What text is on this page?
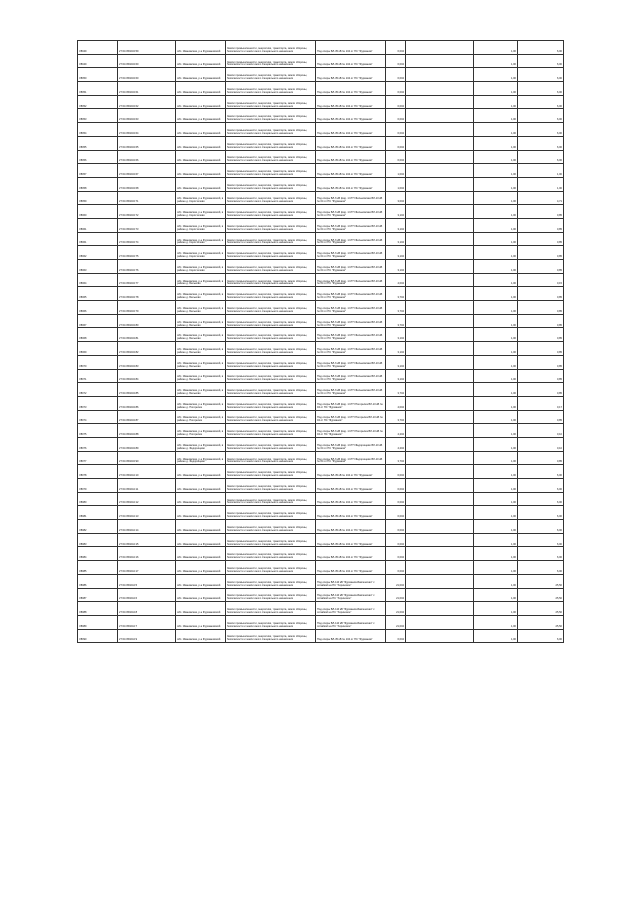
V8049	27:04:050243:59	обл. Ивановская, р-н Фурмановский	Земли промышленности, энергетики, транспорта, земли обороны, безопасности и земли иного специального назначения	Под опоры ВЛ-35 кВ № 104 от ПС "Фурманов"	6,004		1,00	6,00
V8049	27:04:050243:60	обл. Ивановская, р-н Фурмановский	Земли промышленности, энергетики, транспорта, земли обороны, безопасности и земли иного специального назначения	Под опоры ВЛ-35 кВ № 104 от ПС "Фурманов"	6,004		1,00	6,00
V8050	27:04:050243:60	обл. Ивановская, р-н Фурмановский	Земли промышленности, энергетики, транспорта, земли обороны, безопасности и земли иного специального назначения	Под опоры ВЛ-35 кВ № 104 от ПС "Фурманов"	6,004		1,00	6,00
V8051	27:04:050243:61	обл. Ивановская, р-н Фурмановский	Земли промышленности, энергетики, транспорта, земли обороны, безопасности и земли иного специального назначения	Под опоры ВЛ-35 кВ № 104 от ПС "Фурманов"	6,004		1,00	6,00
V8052	27:04:050243:62	обл. Ивановская, р-н Фурмановский	Земли промышленности, энергетики, транспорта, земли обороны, безопасности и земли иного специального назначения	Под опоры ВЛ-35 кВ № 104 от ПС "Фурманов"	6,004		1,00	6,00
V8053	27:04:050243:63	обл. Ивановская, р-н Фурмановский	Земли промышленности, энергетики, транспорта, земли обороны, безопасности и земли иного специального назначения	Под опоры ВЛ-35 кВ № 104 от ПС "Фурманов"	6,004		1,00	6,00
V8054	27:04:050243:64	обл. Ивановская, р-н Фурмановский	Земли промышленности, энергетики, транспорта, земли обороны, безопасности и земли иного специального назначения	Под опоры ВЛ-35 кВ № 104 от ПС "Фурманов"	6,004		1,00	6,00
V8055	27:04:050243:65	обл. Ивановская, р-н Фурмановский	Земли промышленности, энергетики, транспорта, земли обороны, безопасности и земли иного специального назначения	Под опоры ВЛ-35 кВ № 104 от ПС "Фурманов"	6,004		1,00	6,00
V8056	27:04:050243:66	обл. Ивановская, р-н Фурмановский	Земли промышленности, энергетики, транспорта, земли обороны, безопасности и земли иного специального назначения	Под опоры ВЛ-35 кВ № 104 от ПС "Фурманов"	6,004		1,00	6,00
V8057	27:04:050243:67	обл. Ивановская, р-н Фурмановский	Земли промышленности, энергетики, транспорта, земли обороны, безопасности и земли иного специального назначения	Под опоры ВЛ-35 кВ № 104 от ПС "Фурманов"	1,004		1,00	1,00
V8058	27:04:050243:68	обл. Ивановская, р-н Фурмановский	Земли промышленности, энергетики, транспорта, земли обороны, безопасности и земли иного специального назначения	Под опоры ВЛ-35 кВ № 104 от ПС "Фурманов"	1,004		1,00	1,00
V8059	27:04:050243:71	обл. Ивановская, р-н Фурмановский, в районе д. Коростелево	Земли промышленности, энергетики, транспорта, земли обороны, безопасности и земли иного специального назначения	Под опоры ВЛ-6 кВ фид. 1 КТП Фильковская ВЛ-10 кВ № 04 от ПС "Фурманов"	3,004		1,00	4,71
V8060	27:04:050243:72	обл. Ивановская, р-н Фурмановский, в районе д. Коростелево	Земли промышленности, энергетики, транспорта, земли обороны, безопасности и земли иного специального назначения	Под опоры ВЛ-6 кВ фид. 1 КТП Фильковская ВЛ-10 кВ № 04 от ПС "Фурманов"	3,104		1,00	0,85
V8061	27:04:050243:73	обл. Ивановская, р-н Фурмановский, в районе д. Коростелево	Земли промышленности, энергетики, транспорта, земли обороны, безопасности и земли иного специального назначения	Под опоры ВЛ-6 кВ фид. 1 КТП Фильковская ВЛ-10 кВ № 04 от ПС "Фурманов"	3,104		1,00	0,85
V8061	27:04:050243:74	обл. Ивановская, р-н Фурмановский, в районе д. Коростелево	Земли промышленности, энергетики, транспорта, земли обороны, безопасности и земли иного специального назначения	Под опоры ВЛ-6 кВ фид. 1 КТП Фильковская ВЛ-10 кВ № 04 от ПС "Фурманов"	3,104		1,00	0,85
V8062	27:04:050243:75	обл. Ивановская, р-н Фурмановский, в районе д. Коростелево	Земли промышленности, энергетики, транспорта, земли обороны, безопасности и земли иного специального назначения	Под опоры ВЛ-6 кВ фид. 1 КТП Фильковская ВЛ-10 кВ № 04 от ПС "Фурманов"	3,104		1,00	0,85
V8063	27:04:050243:76	обл. Ивановская, р-н Фурмановский, в районе д. Коростелево	Земли промышленности, энергетики, транспорта, земли обороны, безопасности и земли иного специального назначения	Под опоры ВЛ-6 кВ фид. 1 КТП Фильковская ВЛ-10 кВ № 04 от ПС "Фурманов"	3,104		1,00	0,85
V8064	27:04:050243:77	обл. Ивановская, р-н Фурмановский, в районе д. Бельково	Земли промышленности, энергетики, транспорта, земли обороны, безопасности и земли иного специального назначения	Под опоры ВЛ-6 кВ фид. 1 КТП Фильковская ВЛ-10 кВ № 04 от ПС "Фурманов"	4,004		1,00	0,15
V8065	27:04:050243:78	обл. Ивановская, р-н Фурмановский, в районе д. Бельково	Земли промышленности, энергетики, транспорта, земли обороны, безопасности и земли иного специального назначения	Под опоры ВЛ-6 кВ фид. 1 КТП Фильковская ВЛ-10 кВ № 04 от ПС "Фурманов"	3,704		1,00	0,85
V8066	27:04:050243:79	обл. Ивановская, р-н Фурмановский, в районе д. Бельково	Земли промышленности, энергетики, транспорта, земли обороны, безопасности и земли иного специального назначения	Под опоры ВЛ-6 кВ фид. 1 КТП Фильковская ВЛ-10 кВ № 04 от ПС "Фурманов"	3,704		1,00	0,85
V8067	27:04:050243:80	обл. Ивановская, р-н Фурмановский, в районе д. Бельково	Земли промышленности, энергетики, транспорта, земли обороны, безопасности и земли иного специального назначения	Под опоры ВЛ-6 кВ фид. 1 КТП Фильковская ВЛ-10 кВ № 04 от ПС "Фурманов"	3,704		1,00	0,85
V8068	27:04:050243:81	обл. Ивановская, р-н Фурмановский, в районе д. Бельково	Земли промышленности, энергетики, транспорта, земли обороны, безопасности и земли иного специального назначения	Под опоры ВЛ-6 кВ фид. 1 КТП Фильковская ВЛ-10 кВ № 04 от ПС "Фурманов"	3,104		1,00	0,85
V8069	27:04:050243:82	обл. Ивановская, р-н Фурмановский, в районе д. Бельково	Земли промышленности, энергетики, транспорта, земли обороны, безопасности и земли иного специального назначения	Под опоры ВЛ-6 кВ фид. 1 КТП Фильковская ВЛ-10 кВ № 04 от ПС "Фурманов"	3,104		1,00	0,85
V8070	27:04:050243:83	обл. Ивановская, р-н Фурмановский, в районе д. Бельково	Земли промышленности, энергетики, транспорта, земли обороны, безопасности и земли иного специального назначения	Под опоры ВЛ-6 кВ фид. 1 КТП Фильковская ВЛ-10 кВ № 04 от ПС "Фурманов"	3,104		1,00	0,85
V8071	27:04:050243:84	обл. Ивановская, р-н Фурмановский, в районе д. Бельково	Земли промышленности, энергетики, транспорта, земли обороны, безопасности и земли иного специального назначения	Под опоры ВЛ-6 кВ фид. 1 КТП Фильковская ВЛ-10 кВ № 04 от ПС "Фурманов"	3,104		1,00	0,85
V8072	27:04:050243:85	обл. Ивановская, р-н Фурмановский, в районе д. Бельково	Земли промышленности, энергетики, транспорта, земли обороны, безопасности и земли иного специального назначения	Под опоры ВЛ-6 кВ фид. 1 КТП Фильковская ВЛ-10 кВ № 04 от ПС "Фурманов"	3,704		1,00	0,85
V8073	27:04:050243:86	обл. Ивановская, р-н Фурмановский, в районе д. Погорелка	Земли промышленности, энергетики, транспорта, земли обороны, безопасности и земли иного специального назначения	Под опоры ВЛ-6 кВ фид. 1 КТП Погорелка ВЛ-10 кВ № 04 от ПС "Фурманов"	4,004		1,00	0,17
V8074	27:04:050243:87	обл. Ивановская, р-н Фурмановский, в районе д. Погорелка	Земли промышленности, энергетики, транспорта, земли обороны, безопасности и земли иного специального назначения	Под опоры ВЛ-6 кВ фид. 1 КТП Погорелка ВЛ-10 кВ № 04 от ПС "Фурманов"	3,704		1,00	0,85
V8075	27:04:050243:88	обл. Ивановская, р-н Фурмановский, в районе д. Погорелка	Земли промышленности, энергетики, транспорта, земли обороны, безопасности и земли иного специального назначения	Под опоры ВЛ-6 кВ фид. 1 КТП Погорелка ВЛ-10 кВ № 04 от ПС "Фурманов"	4,204		1,00	0,10
V8076	27:04:050243:89	обл. Ивановская, р-н Фурмановский, в районе д. Федорищево	Земли промышленности, энергетики, транспорта, земли обороны, безопасности и земли иного специального назначения	Под опоры ВЛ-6 кВ фид. 1 КТП Федорищево ВЛ-10 кВ № 04 от ПС "Фурманов"	4,204		1,00	0,10
V8077	27:04:050243:90	обл. Ивановская, р-н Фурмановский, в районе д. Федорищево	Земли промышленности, энергетики, транспорта, земли обороны, безопасности и земли иного специального назначения	Под опоры ВЛ-6 кВ фид. 1 КТП Федорищево ВЛ-10 кВ № 04 от ПС "Фурманов"	3,704		1,00	0,85
V8078	27:04:050244:10	обл. Ивановская, р-н Фурмановский	Земли промышленности, энергетики, транспорта, земли обороны, безопасности и земли иного специального назначения	Под опоры ВЛ-35 кВ № 104 от ПС "Фурманов"	6,004		1,00	6,00
V8079	27:04:050244:11	обл. Ивановская, р-н Фурмановский	Земли промышленности, энергетики, транспорта, земли обороны, безопасности и земли иного специального назначения	Под опоры ВЛ-35 кВ № 104 от ПС "Фурманов"	6,004		1,00	6,00
V8080	27:04:050244:12	обл. Ивановская, р-н Фурмановский	Земли промышленности, энергетики, транспорта, земли обороны, безопасности и земли иного специального назначения	Под опоры ВЛ-35 кВ № 104 от ПС "Фурманов"	6,004		1,00	6,00
V8081	27:04:050244:13	обл. Ивановская, р-н Фурмановский	Земли промышленности, энергетики, транспорта, земли обороны, безопасности и земли иного специального назначения	Под опоры ВЛ-35 кВ № 104 от ПС "Фурманов"	6,004		1,00	6,00
V8082	27:04:050244:14	обл. Ивановская, р-н Фурмановский	Земли промышленности, энергетики, транспорта, земли обороны, безопасности и земли иного специального назначения	Под опоры ВЛ-35 кВ № 104 от ПС "Фурманов"	6,004		1,00	6,00
V8083	27:04:050244:15	обл. Ивановская, р-н Фурмановский	Земли промышленности, энергетики, транспорта, земли обороны, безопасности и земли иного специального назначения	Под опоры ВЛ-35 кВ № 104 от ПС "Фурманов"	6,004		1,00	6,00
V8084	27:04:050244:16	обл. Ивановская, р-н Фурмановский	Земли промышленности, энергетики, транспорта, земли обороны, безопасности и земли иного специального назначения	Под опоры ВЛ-35 кВ № 104 от ПС "Фурманов"	6,004		1,00	6,00
V8085	27:04:050244:17	обл. Ивановская, р-н Фурмановский	Земли промышленности, энергетики, транспорта, земли обороны, безопасности и земли иного специального назначения	Под опоры ВЛ-35 кВ № 104 от ПС "Фурманов"	6,004		1,00	6,00
V8086	27:04:050244:5	обл. Ивановская, р-н Фурмановский	Земли промышленности, энергетики, транспорта, земли обороны, безопасности и земли иного специального назначения	Под опоры ВЛ-110 кВ "Фурманов-Бавленская" с отпайкой на ПС "Хоринское"	21,004		1,00	25,50
V8087	27:04:050244:6	обл. Ивановская, р-н Фурмановский	Земли промышленности, энергетики, транспорта, земли обороны, безопасности и земли иного специального назначения	Под опоры ВЛ-110 кВ "Фурманов-Бавленская" с отпайкой на ПС "Хоринское"	21,004		1,00	25,50
V8088	27:04:050244:8	обл. Ивановская, р-н Фурмановский	Земли промышленности, энергетики, транспорта, земли обороны, безопасности и земли иного специального назначения	Под опоры ВЛ-110 кВ "Фурманов-Бавленская" с отпайкой на ПС "Хоринское"	21,004		1,00	25,50
V8089	27:04:050244:7	обл. Ивановская, р-н Фурмановский	Земли промышленности, энергетики, транспорта, земли обороны, безопасности и земли иного специального назначения	Под опоры ВЛ-110 кВ "Фурманов-Бавленская" с отпайкой на ПС "Хоринское"	21,004		1,00	25,50
V8090	27:04:050244:9	обл. Ивановская, р-н Фурмановский	Земли промышленности, энергетики, транспорта, земли обороны, безопасности и земли иного специального назначения	Под опоры ВЛ-35 кВ № 104 от ПС "Фурманов"	6,004		1,00	6,00
